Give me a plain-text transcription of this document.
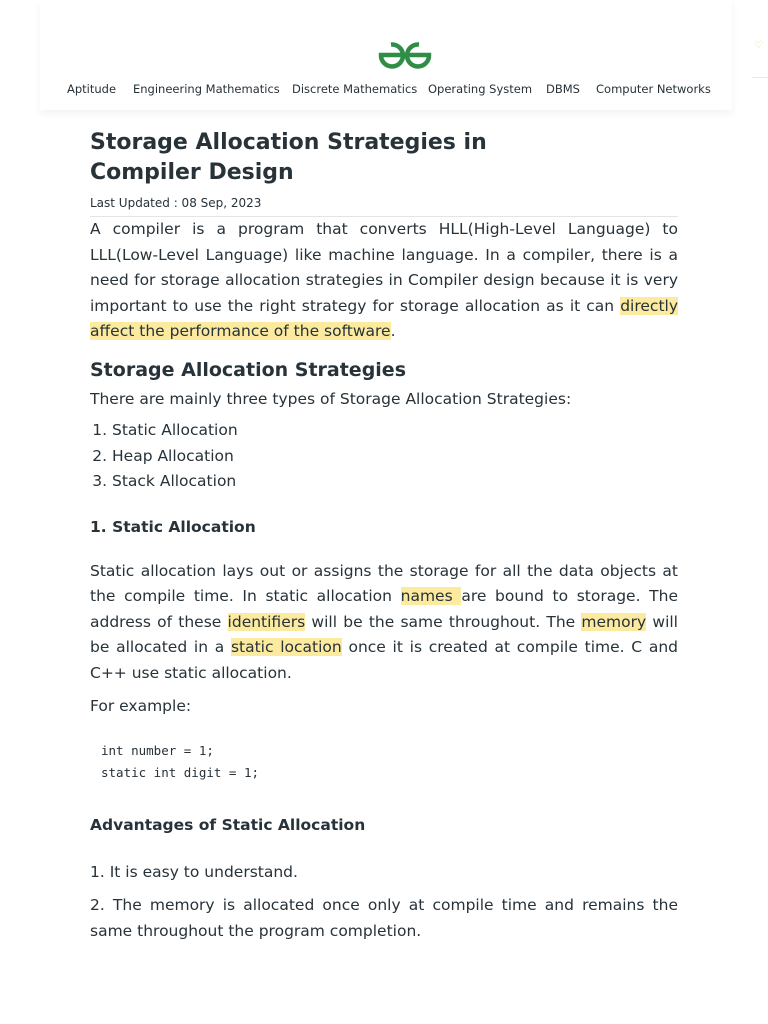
♡
Aptitude Engineering Mathematics Discrete Mathematics Operating System DBMS Computer Networks
Storage Allocation Strategies in Compiler Design
Last Updated : 08 Sep, 2023

A compiler is a program that converts HLL(High-Level Language) to LLL(Low-Level Language) like machine language. In a compiler, there is a need for storage allocation strategies in Compiler design because it is very important to use the right strategy for storage allocation as it can directly affect the performance of the software.

Storage Allocation Strategies

There are mainly three types of Storage Allocation Strategies:

1. Static Allocation
2. Heap Allocation
3. Stack Allocation
1. Static Allocation

Static allocation lays out or assigns the storage for all the data objects at the compile time. In static allocation names are bound to storage. The address of these identifiers will be the same throughout. The memory will be allocated in a static location once it is created at compile time. C and C++ use static allocation.

For example:

int number = 1;
static int digit = 1;
Advantages of Static Allocation

1. It is easy to understand.

2. The memory is allocated once only at compile time and remains the same throughout the program completion.
